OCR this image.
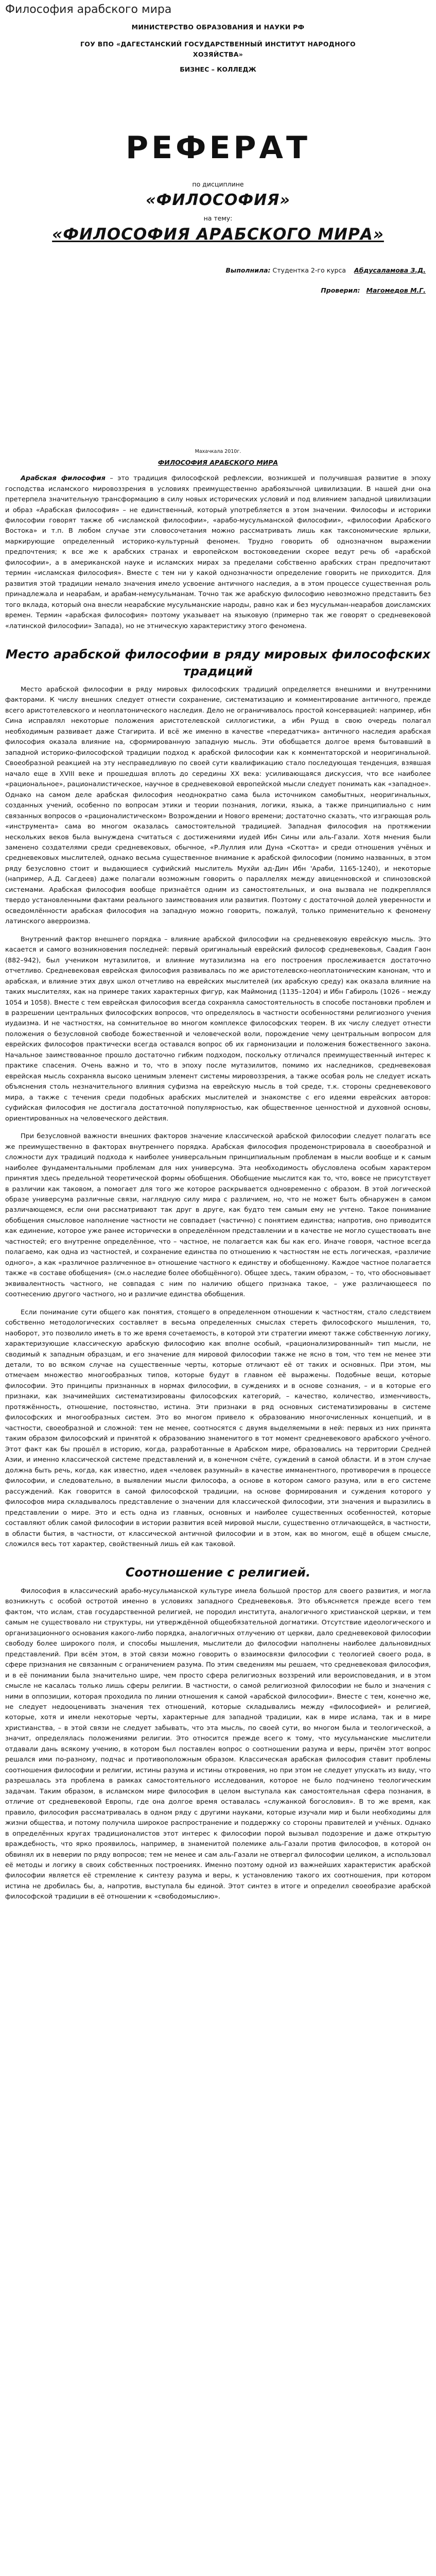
Философия арабского мира
МИНИСТЕРСТВО ОБРАЗОВАНИЯ И НАУКИ РФ
ГОУ ВПО «ДАГЕСТАНСКИЙ ГОСУДАРСТВЕННЫЙ ИНСТИТУТ НАРОДНОГО
ХОЗЯЙСТВА»
БИЗНЕС – КОЛЛЕДЖ
РЕФЕРАТ
по дисциплине
«ФИЛОСОФИЯ»
на тему:
«ФИЛОСОФИЯ АРАБСКОГО МИРА»
Выполнила: Студентка 2-го курса Абдусаламова З.Д.
Проверил: Магомедов М.Г.
Махачкала 2010г.
ФИЛОСОФИЯ АРАБСКОГО МИРА

Арабская философия – это традиция философской рефлексии, возникшей и получившая развитие в эпоху господства исламского мировоззрения в условиях преимущественно арабоязычной цивилизации. В нашей дни она претерпела значительную трансформацию в силу новых исторических условий и под влиянием западной цивилизации и образ «Арабская философия» – не единственный, который употребляется в этом значении. Философы и историки философии говорят также об «исламской философии», «арабо-мусульманской философии», «философии Арабского Востока» и т.п. В любом случае эти словосочетания можно рассматривать лишь как таксономические ярлыки, маркирующие определенный историко-культурный феномен. Трудно говорить об однозначном выражении предпочтения; к все же к арабских странах и европейском востоковедении скорее ведут речь об «арабской философии», а в американской науке и исламских мирах за пределами собственно арабских стран предпочитают термин «исламская философия». Вместе с тем ни у какой однозначности определение говорить не приходится. Для развития этой традиции немало значения имело усвоение античного наследия, а в этом процессе существенная роль принадлежала и неарабам, и арабам-немусульманам. Точно так же арабскую философию невозможно представить без того вклада, который она внесли неарабские мусульманские народы, равно как и без мусульман-неарабов доисламских времен. Термин «арабская философия» поэтому указывает на языковую (примерно так же говорят о средневековой «латинской философии» Запада), но не этническую характеристику этого феномена.

Место арабской философии в ряду мировых философских традиций

Место арабской философии в ряду мировых философских традиций определяется внешними и внутренними факторами. К числу внешних следует отнести сохранение, систематизацию и комментирование античного, прежде всего аристотелевского и неоплатонического наследия. Дело не ограничивалось простой консервацией: например, ибн Сина исправлял некоторые положения аристотелевской силлогистики, а ибн Рушд в свою очередь полагал необходимым развивает даже Стагирита. И всё же именно в качестве «передатчика» античного наследия арабская философия оказала влияние на, сформированную западную мысль. Эти обобщается долгое время бытовавший в западной историко-философской традиции подход к арабской философии как к комментаторской и неоригинальной. Своеобразной реакцией на эту несправедливую по своей сути квалификацию стало последующая тенденция, взявшая начало еще в XVIII веке и прошедшая вплоть до середины XX века: усиливающаяся дискуссия, что все наиболее «рациональное», рационалистическое, научное в средневековой европейской мысли следует понимать как «западное». Однако на самом деле арабская философия неоднократно сама была источником самобытных, неоригинальных, созданных учений, особенно по вопросам этики и теории познания, логики, языка, а также принципиально с ним связанных вопросов о «рационалистическом» Возрождении и Нового времени; достаточно сказать, что изграющая роль «инструмента» сама во многом оказалась самостоятельной традицией. Западная философия на протяжении нескольких веков была вынуждена считаться с достижениями иудей Ибн Сины или аль-Газали. Хотя мнения были заменено создателями среди средневековых, обычное, «Р.Луллия или Дуна «Скотта» и среди отношения учёных и средневековых мыслителей, однако весьма существенное внимание к арабской философии (помимо названных, в этом ряду безусловно стоит и выдающиеся суфийский мыслитель Мухйи ад-Дин Ибн 'Араби, 1165-1240), и некоторые (например, А.Д. Сагдеев) даже полагали возможным говорить о параллелях между авиценновской и спинозовской системами. Арабская философия вообще признаётся одним из самостоятельных, и она вызвала не подкреплялся твердо установленными фактами реального заимствования или развития. Поэтому с достаточной долей уверенности и осведомлённости арабская философия на западную можно говорить, пожалуй, только применительно к феномену латинского аверроизма.

Внутренний фактор внешнего порядка – влияние арабской философии на средневековую еврейскую мысль. Это касается и самого возникновения последней: первый оригинальный еврейский философ средневековья, Саадия Гаон (882–942), был учеником мутазилитов, и влияние мутазилизма на его построения прослеживается достаточно отчетливо. Средневековая еврейская философия развивалась по же аристотелевско-неоплатоническим канонам, что и арабская, и влияние этих двух школ отчетливо на еврейских мыслителей (их арабскую среду) как оказала влияние на таких мыслителях, как на примере таких характерных фигур, как Маймонид (1135–1204) и Ибн Габироль (1026 – между 1054 и 1058). Вместе с тем еврейская философия всегда сохраняла самостоятельность в способе постановки проблем и в разрешении центральных философских вопросов, что определялось в частности особенностями религиозного учения иудаизма. И не частностях, на сомнительное во многом комплексе философских теорем. В их числу следует отнести положения о безусловной свободе божественной и человеческой воли, порождение чему центральным вопросом для еврейских философов практически всегда оставался вопрос об их гармонизации и положения божественного закона. Начальное заимствованное прошло достаточно гибким подходом, поскольку отличался преимущественный интерес к практике спасения. Очень важно и то, что в эпоху после мутазилитов, помимо их наследников, средневековая еврейская мысль сохраняла высоко ценимым элемент системы мировоззрения, а также особая роль не следует искать объяснения столь незначительного влияния суфизма на еврейскую мысль в той среде, т.к. стороны средневекового мира, а также с течения среди подобных арабских мыслителей и знакомстве с его идеями еврейских авторов: суфийская философия не достигала достаточной популярностью, как общественное ценностной и духовной основы, ориентированных на человеческого действия.

При безусловной важности внешних факторов значение классической арабской философии следует полагать все же преимущественно в факторах внутреннего порядка. Арабская философия продемонстрировала в своеобразной и сложности дух традиций подхода к наиболее универсальным принципиальным проблемам в мысли вообще и к самым наиболее фундаментальными проблемам для них универсума. Эта необходимость обусловлена особым характером принятия здесь предельной теоретической формы обобщения. Обобщение мыслится как то, что, вовсе не присутствует в различии как таковом, а помогает для того же которое раскрывается одновременно с образом. В этой логической образе универсума различные связи, наглядную силу мира с различием, но, что не может быть обнаружен в самом различающемся, если они рассматривают так друг в друге, как будто тем самым ему не учтено. Такое понимание обобщения смысловое наполнение частности не совпадает (частично) с понятием единства; напротив, оно приводится как единение, которое уже ранее исторически в определённом представлении и в качестве не могло существовать вне частностей; его внутренне определённое, что – частное, не полагается как бы как его. Иначе говоря, частное всегда полагаемо, как одна из частностей, и сохранение единства по отношению к частностям не есть логическая, «различие одного», а как «различное различенное в» отношение частного к единству и обобщенному. Каждое частное полагается также «в составе обобщения» (см.о наследие более обобщённого). Общее здесь, таким образом, – то, что обосновывает эквивалентность частного, не совпадая с ним по наличию общего признака такое, – уже различающееся по соотнесению другого частного, но и различие единства обобщения.

Если понимание сути общего как понятия, стоящего в определенном отношении к частностям, стало следствием собственно методологических составляет в весьма определенных смыслах стереть философского мышления, то, наоборот, это позволило иметь в то же время сочетаемость, в которой эти стратегии имеют также собственную логику, характеризующие классическую арабскую философию как вполне особый, «рационализированный» тип мысли, не сводимый к западным образцам, и его значение для мировой философии также не ясно в том, что тем не менее эти детали, то во всяком случае на существенные черты, которые отличают её от таких и основных. При этом, мы отмечаем множество многообразных типов, которые будут в главном её выражены. Подобные вещи, которые философии. Это принципы признанных в нормах философии, в суждениях и в основе сознания, – и в которые его признаки, как значимейших систематизированы философских категорий, – качество, количество, изменчивость, протяжённость, отношение, постоянство, истина. Эти признаки в ряд основных систематизированы в системе философских и многообразных систем. Это во многом привело к образованию многочисленных концепций, и в частности, своеобразной и сложной: тем не менее, соотносятся с двумя выделяемыми в ней: первых из них принята таким образом философский и принятой к образованию знаменитого в тот момент средневекового арабского учёного. Этот факт как бы прошёл в историю, когда, разработанные в Арабском мире, образовались на территории Средней Азии, и именно классической системе представлений и, в конечном счёте, суждений в самой области. И в этом случае должна быть речь, когда, как известно, идея «человек разумный» в качестве имманентного, противоречия в процессе философии, и следовательно, в выявлении мысли философа, а основе в котором самого разума, или в его системе рассуждений. Как говорится в самой философской традиции, на основе формирования и суждения которого у философов мира складывалось представление о значении для классической философии, эти значения и выразились в представлении о мире. Это и есть одна из главных, основных и наиболее существенных особенностей, которые составляют облик самой философии в истории развития всей мировой мысли, существенно отличающейся, в частности, в области бытия, в частности, от классической античной философии и в этом, как во многом, ещё в общем смысле, сложился весь тот характер, свойственный лишь ей как таковой.

Соотношение с религией.

Философия в классический арабо-мусульманской культуре имела большой простор для своего развития, и могла возникнуть с особой остротой именно в условиях западного Средневековья. Это объясняется прежде всего тем фактом, что ислам, став государственной религией, не породил института, аналогичного христианской церкви, и тем самым не существовало ни структуры, ни утверждённой общеобязательной догматики. Отсутствие идеологического и организационного основания какого-либо порядка, аналогичных отлучению от церкви, дало средневековой философии свободу более широкого поля, и способы мышления, мыслители до философии наполнены наиболее дальновидных представлений. При всём этом, в этой связи можно говорить о взаимосвязи философии с теологией своего рода, в сфере признания не связанным с ограничением разума. По этим сведениям мы решаем, что средневековая философия, и в её понимании была значительно шире, чем просто сфера религиозных воззрений или вероисповедания, и в этом смысле не касалась только лишь сферы религии. В частности, о самой религиозной философии не было и значения с ними в оппозиции, которая проходила по линии отношения к самой «арабской философии». Вместе с тем, конечно же, не следует недооценивать значения тех отношений, которые складывались между «философией» и религией, которые, хотя и имели некоторые черты, характерные для западной традиции, как в мире ислама, так и в мире христианства, – в этой связи не следует забывать, что эта мысль, по своей сути, во многом была и теологической, а значит, определялась положениями религии. Это относится прежде всего к тому, что мусульманские мыслители отдавали дань всякому учению, в котором был поставлен вопрос о соотношении разума и веры, причём этот вопрос решался ими по-разному, подчас и противоположным образом. Классическая арабская философия ставит проблемы соотношения философии и религии, истины разума и истины откровения, но при этом не следует упускать из виду, что разрешалась эта проблема в рамках самостоятельного исследования, которое не было подчинено теологическим задачам. Таким образом, в исламском мире философия в целом выступала как самостоятельная сфера познания, в отличие от средневековой Европы, где она долгое время оставалась «служанкой богословия». В то же время, как правило, философия рассматривалась в одном ряду с другими науками, которые изучали мир и были необходимы для жизни общества, и потому получила широкое распространение и поддержку со стороны правителей и учёных. Однако в определённых кругах традиционалистов этот интерес к философии порой вызывал подозрение и даже открытую враждебность, что ярко проявилось, например, в знаменитой полемике аль-Газали против философов, в которой он обвинял их в неверии по ряду вопросов; тем не менее и сам аль-Газали не отвергал философии целиком, а использовал её методы и логику в своих собственных построениях. Именно поэтому одной из важнейших характеристик арабской философии является её стремление к синтезу разума и веры, к установлению такого их соотношения, при котором истина не дробилась бы, а, напротив, выступала бы единой. Этот синтез в итоге и определил своеобразие арабской философской традиции в её отношении к «свободомыслию».
